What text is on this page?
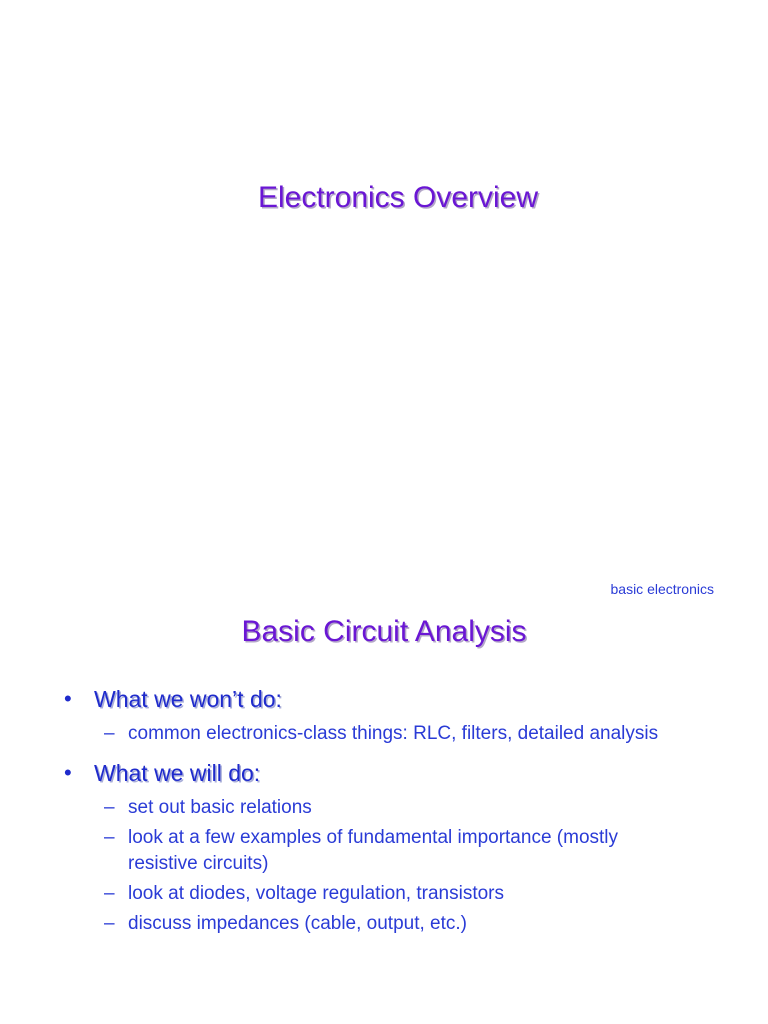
Electronics Overview
basic electronics
Basic Circuit Analysis
• What we won’t do:
– common electronics-class things: RLC, filters, detailed analysis
• What we will do:
– set out basic relations
– look at a few examples of fundamental importance (mostly resistive circuits)
– look at diodes, voltage regulation, transistors
– discuss impedances (cable, output, etc.)
